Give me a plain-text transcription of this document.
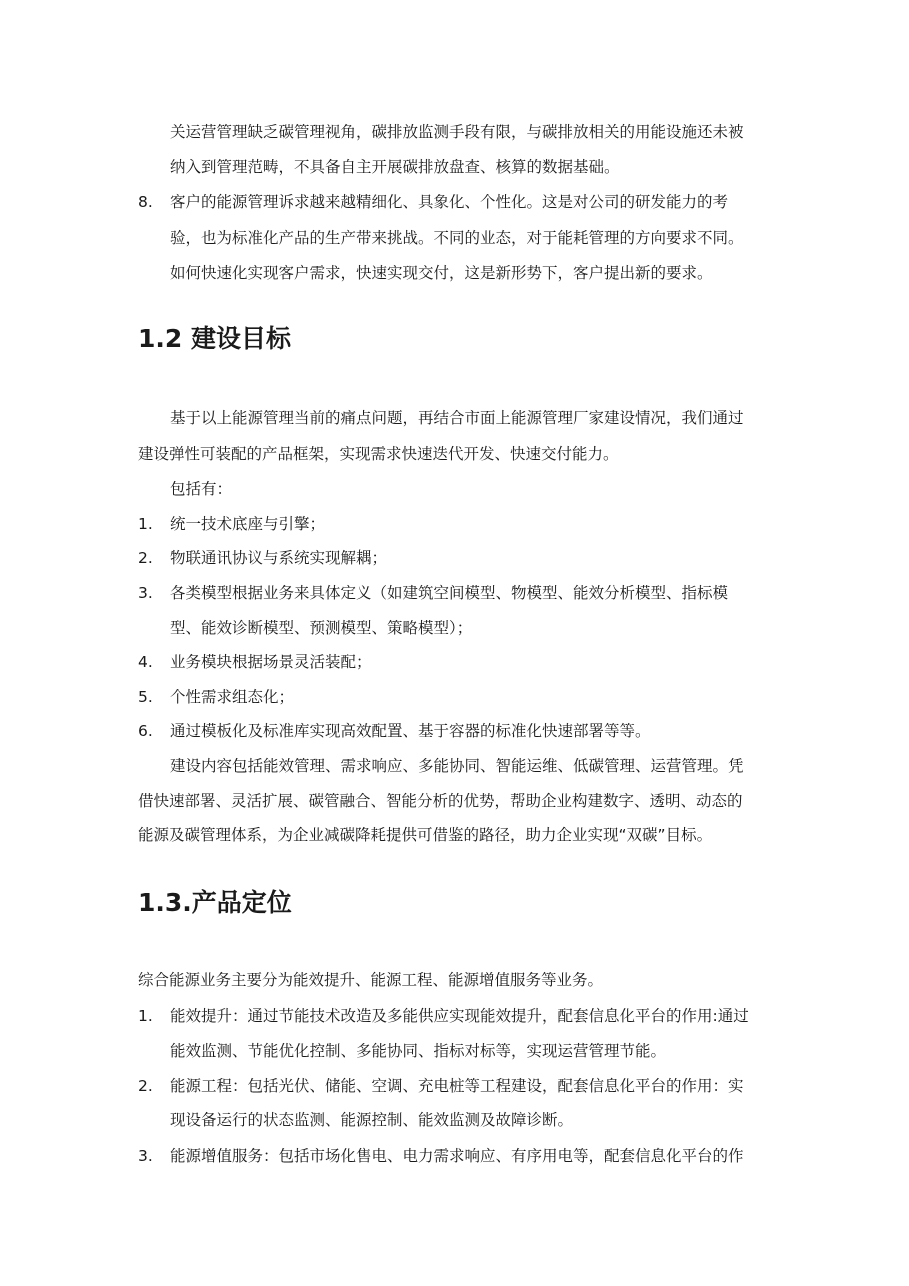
关运营管理缺乏碳管理视角，碳排放监测手段有限，与碳排放相关的用能设施还未被
纳入到管理范畴，不具备自主开展碳排放盘查、核算的数据基础。
8. 客户的能源管理诉求越来越精细化、具象化、个性化。这是对公司的研发能力的考
验，也为标准化产品的生产带来挑战。不同的业态，对于能耗管理的方向要求不同。
如何快速化实现客户需求，快速实现交付，这是新形势下，客户提出新的要求。
1.2 建设目标
基于以上能源管理当前的痛点问题，再结合市面上能源管理厂家建设情况，我们通过
建设弹性可装配的产品框架，实现需求快速迭代开发、快速交付能力。
包括有：
1. 统一技术底座与引擎；
2. 物联通讯协议与系统实现解耦；
3. 各类模型根据业务来具体定义（如建筑空间模型、物模型、能效分析模型、指标模
型、能效诊断模型、预测模型、策略模型）；
4. 业务模块根据场景灵活装配；
5. 个性需求组态化；
6. 通过模板化及标准库实现高效配置、基于容器的标准化快速部署等等。
建设内容包括能效管理、需求响应、多能协同、智能运维、低碳管理、运营管理。凭
借快速部署、灵活扩展、碳管融合、智能分析的优势，帮助企业构建数字、透明、动态的
能源及碳管理体系，为企业减碳降耗提供可借鉴的路径，助力企业实现“双碳”目标。
1.3.产品定位
综合能源业务主要分为能效提升、能源工程、能源增值服务等业务。
1. 能效提升：通过节能技术改造及多能供应实现能效提升，配套信息化平台的作用:通过
能效监测、节能优化控制、多能协同、指标对标等，实现运营管理节能。
2. 能源工程：包括光伏、储能、空调、充电桩等工程建设，配套信息化平台的作用：实
现设备运行的状态监测、能源控制、能效监测及故障诊断。
3. 能源增值服务：包括市场化售电、电力需求响应、有序用电等，配套信息化平台的作
